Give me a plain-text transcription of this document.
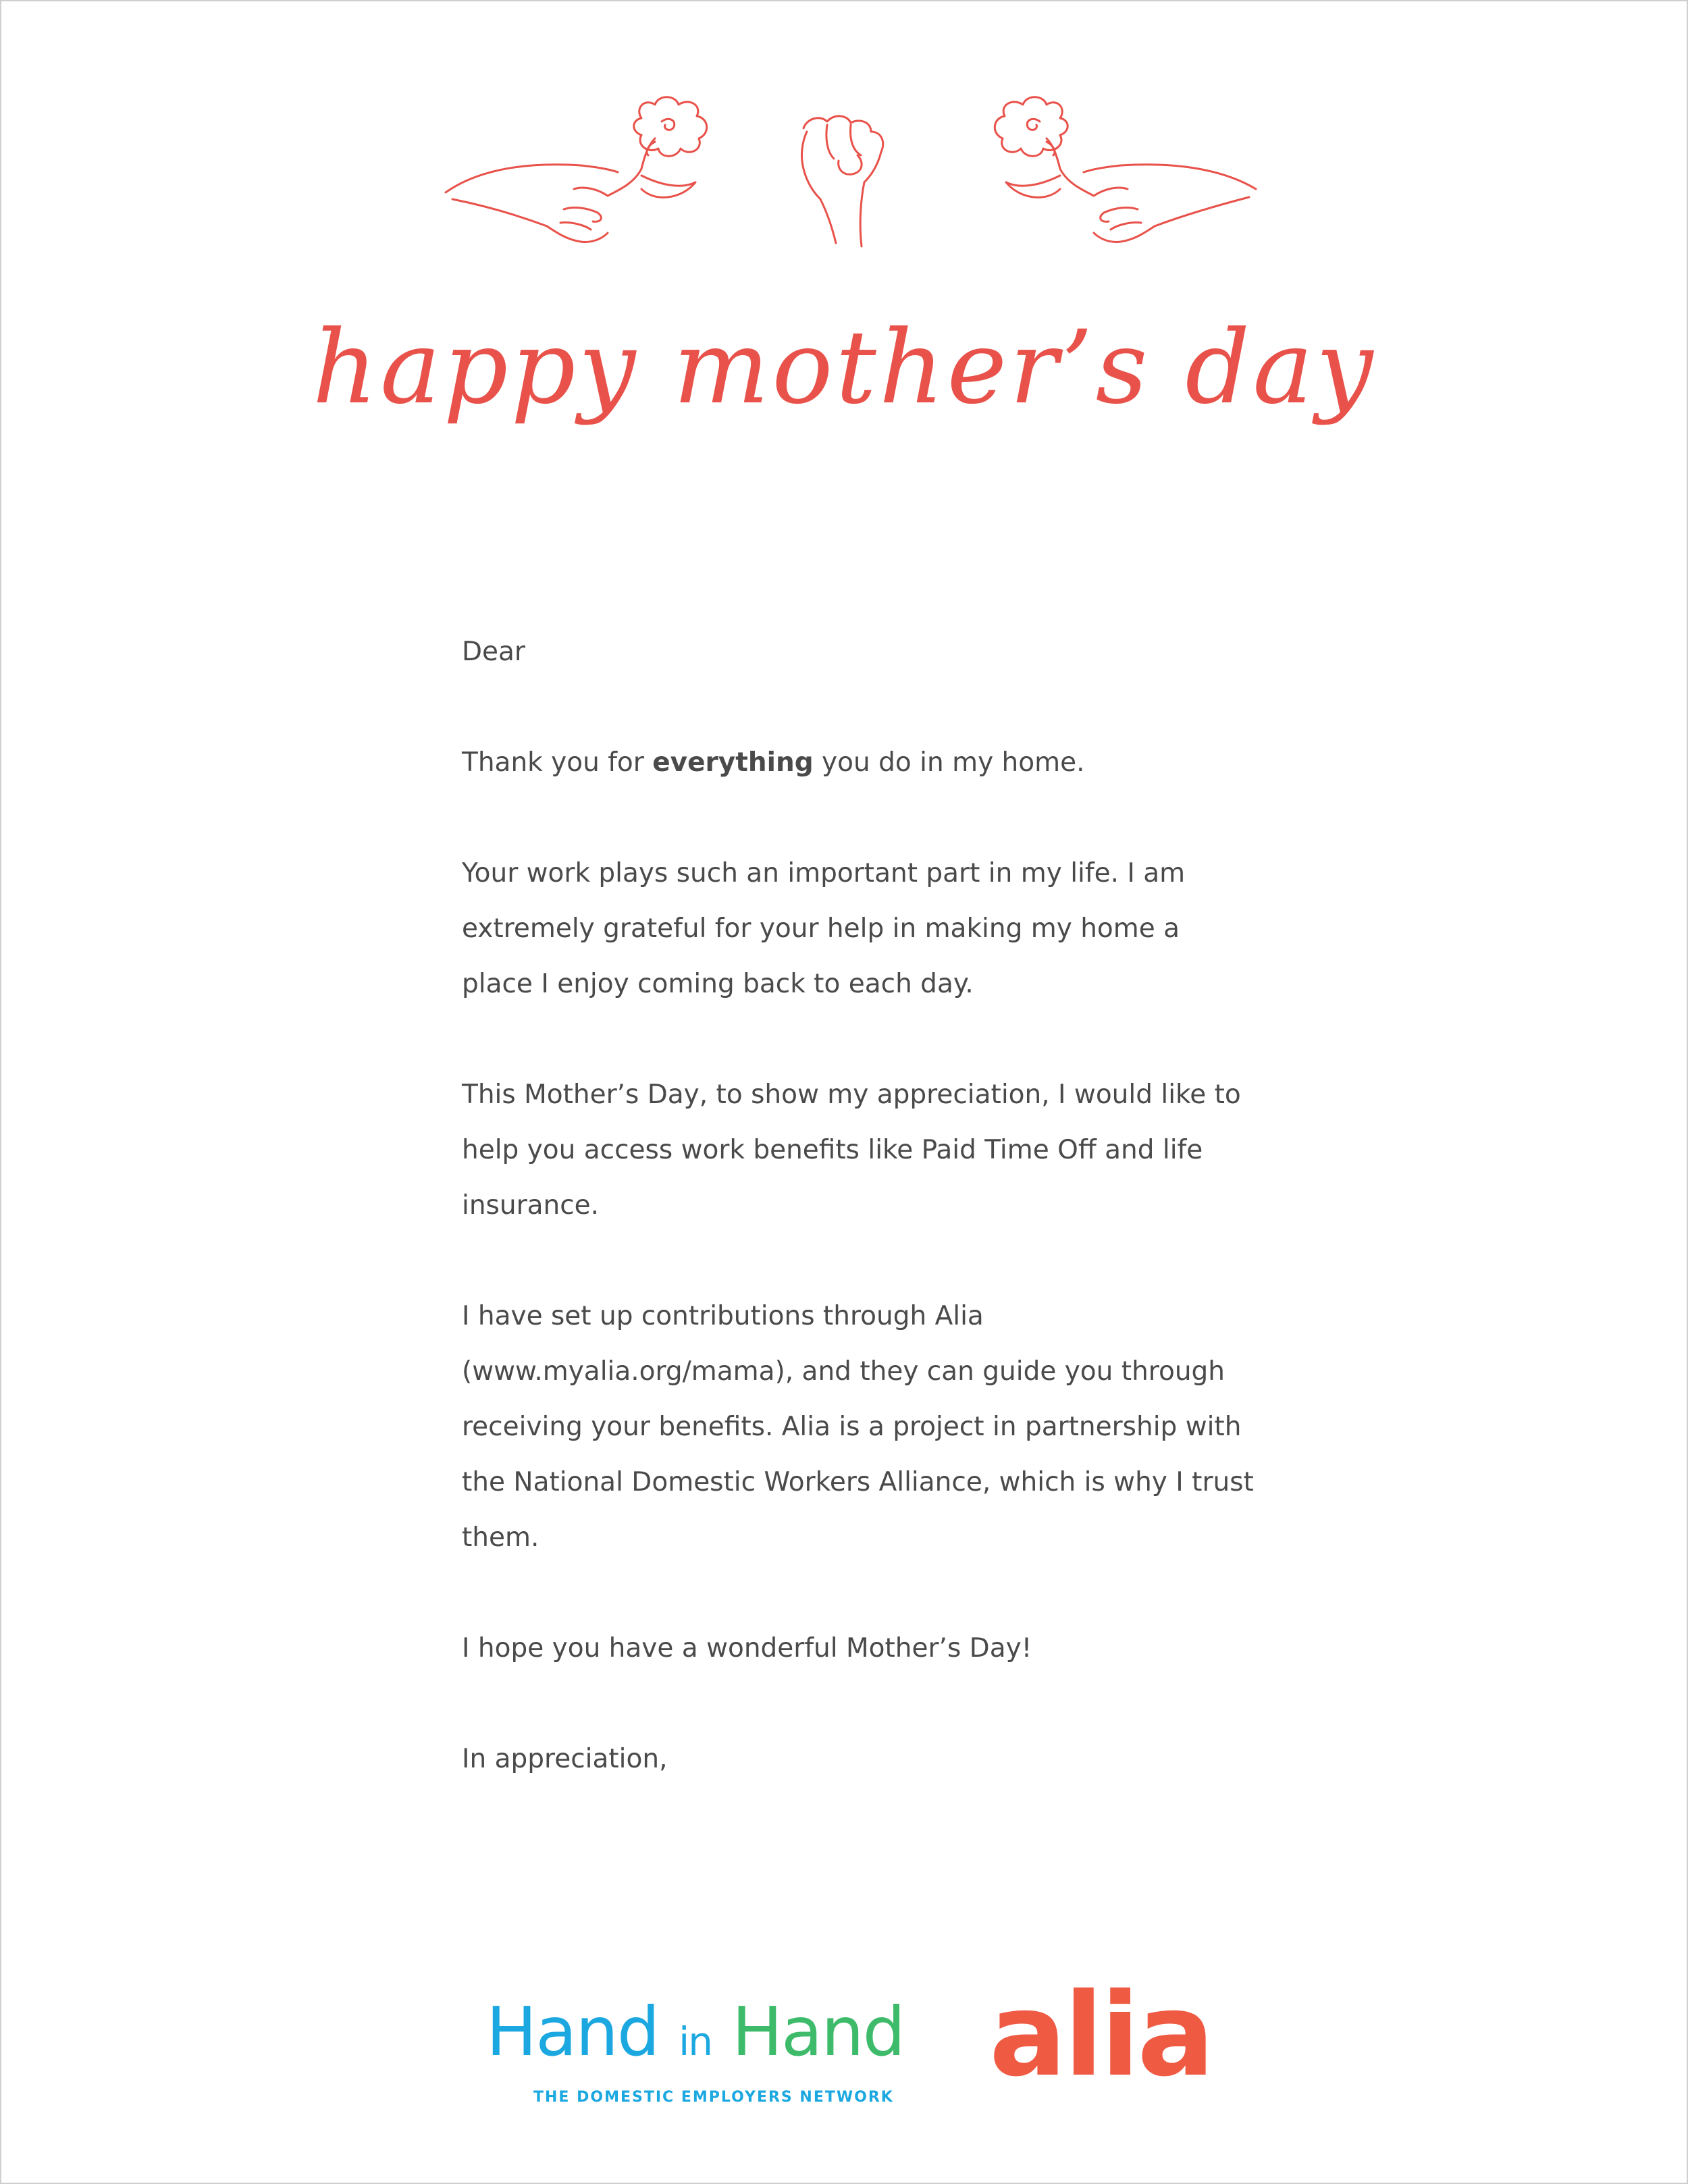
happy mother’s day

Dear

Thank you for everything you do in my home.

Your work plays such an important part in my life. I am extremely grateful for your help in making my home a place I enjoy coming back to each day.

This Mother’s Day, to show my appreciation, I would like to help you access work benefits like Paid Time Off and life insurance.

I have set up contributions through Alia (www.myalia.org/mama), and they can guide you through receiving your benefits. Alia is a project in partnership with the National Domestic Workers Alliance, which is why I trust them.

I hope you have a wonderful Mother’s Day!

In appreciation,

Hand in Hand
THE DOMESTIC EMPLOYERS NETWORK alia
